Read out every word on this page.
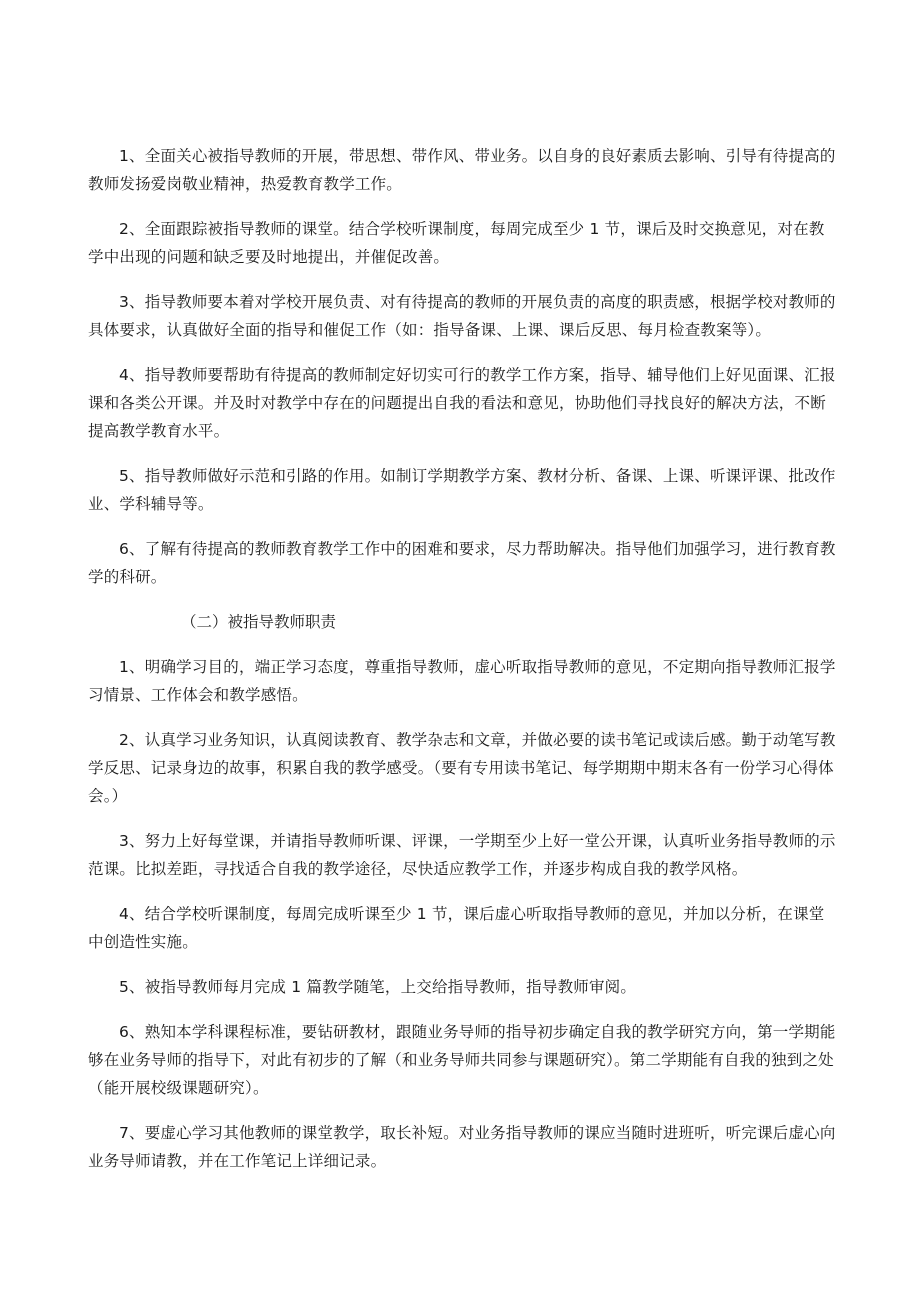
1、全面关心被指导教师的开展，带思想、带作风、带业务。以自身的良好素质去影响、引导有待提高的教师发扬爱岗敬业精神，热爱教育教学工作。

2、全面跟踪被指导教师的课堂。结合学校听课制度，每周完成至少 1 节，课后及时交换意见，对在教学中出现的问题和缺乏要及时地提出，并催促改善。

3、指导教师要本着对学校开展负责、对有待提高的教师的开展负责的高度的职责感，根据学校对教师的具体要求，认真做好全面的指导和催促工作（如：指导备课、上课、课后反思、每月检查教案等）。

4、指导教师要帮助有待提高的教师制定好切实可行的教学工作方案，指导、辅导他们上好见面课、汇报课和各类公开课。并及时对教学中存在的问题提出自我的看法和意见，协助他们寻找良好的解决方法，不断提高教学教育水平。

5、指导教师做好示范和引路的作用。如制订学期教学方案、教材分析、备课、上课、听课评课、批改作业、学科辅导等。

6、了解有待提高的教师教育教学工作中的困难和要求，尽力帮助解决。指导他们加强学习，进行教育教学的科研。

（二）被指导教师职责

1、明确学习目的，端正学习态度，尊重指导教师，虚心听取指导教师的意见，不定期向指导教师汇报学习情景、工作体会和教学感悟。

2、认真学习业务知识，认真阅读教育、教学杂志和文章，并做必要的读书笔记或读后感。勤于动笔写教学反思、记录身边的故事，积累自我的教学感受。（要有专用读书笔记、每学期期中期末各有一份学习心得体会。）

3、努力上好每堂课，并请指导教师听课、评课，一学期至少上好一堂公开课，认真听业务指导教师的示范课。比拟差距，寻找适合自我的教学途径，尽快适应教学工作，并逐步构成自我的教学风格。

4、结合学校听课制度，每周完成听课至少 1 节，课后虚心听取指导教师的意见，并加以分析，在课堂中创造性实施。

5、被指导教师每月完成 1 篇教学随笔，上交给指导教师，指导教师审阅。

6、熟知本学科课程标准，要钻研教材，跟随业务导师的指导初步确定自我的教学研究方向，第一学期能够在业务导师的指导下，对此有初步的了解（和业务导师共同参与课题研究）。第二学期能有自我的独到之处（能开展校级课题研究）。

7、要虚心学习其他教师的课堂教学，取长补短。对业务指导教师的课应当随时进班听，听完课后虚心向业务导师请教，并在工作笔记上详细记录。
